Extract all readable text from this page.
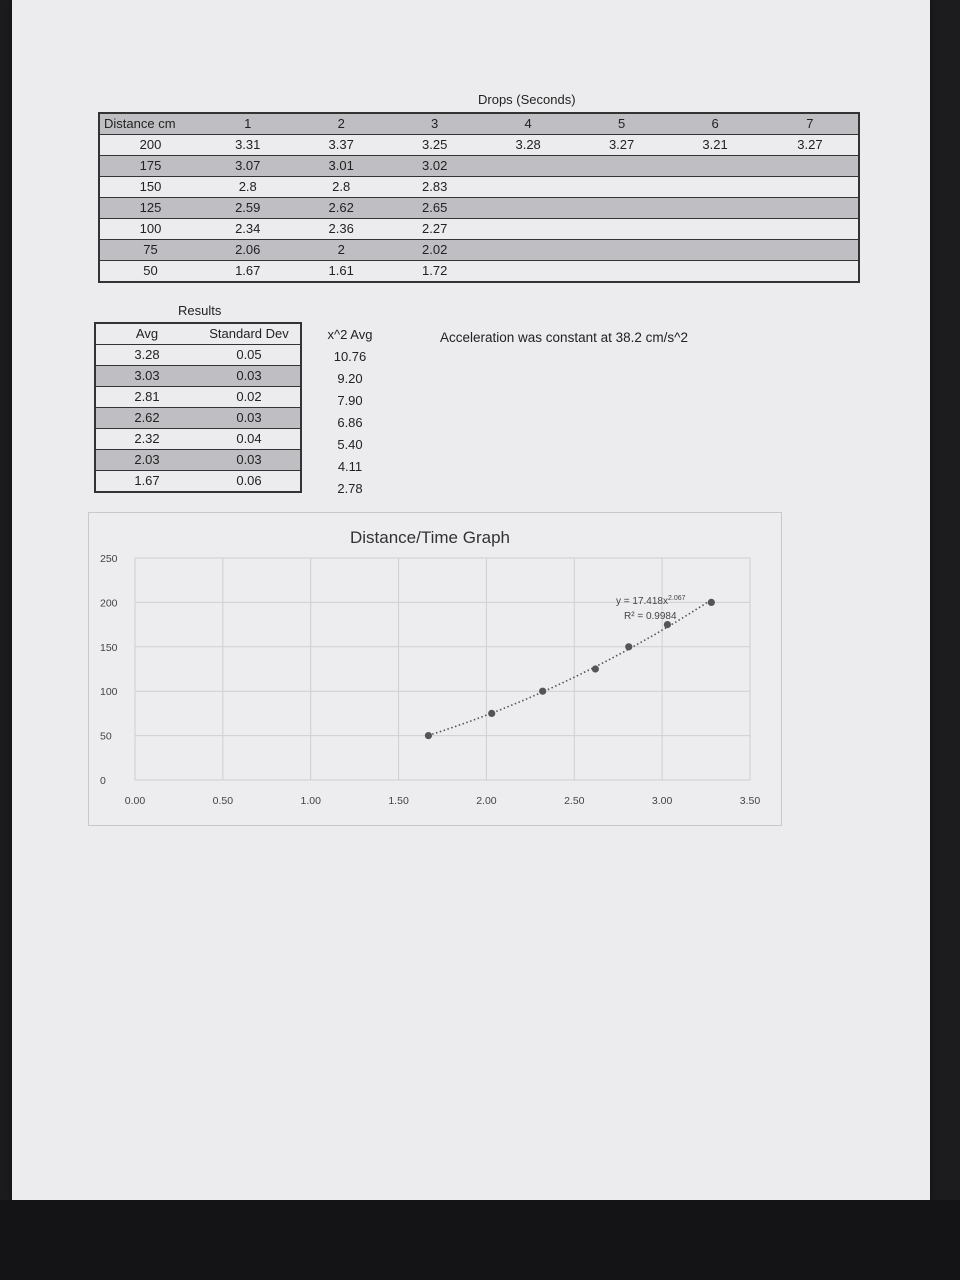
Drops (Seconds)
Distance cm	1	2	3	4	5	6	7
200	3.31	3.37	3.25	3.28	3.27	3.21	3.27
175	3.07	3.01	3.02				
150	2.8	2.8	2.83				
125	2.59	2.62	2.65				
100	2.34	2.36	2.27				
75	2.06	2	2.02				
50	1.67	1.61	1.72				
Results
Avg	Standard Dev
3.28	0.05
3.03	0.03
2.81	0.02
2.62	0.03
2.32	0.04
2.03	0.03
1.67	0.06
x^2 Avg
10.76
9.20
7.90
6.86
5.40
4.11
2.78
Acceleration was constant at 38.2 cm/s^2
Distance/Time Graph
0
50
100
150
200
250
0.00	0.50	1.00	1.50	2.00	2.50	3.00	3.50
$y = 17.418x^{2.067}$
R² = 0.9984
